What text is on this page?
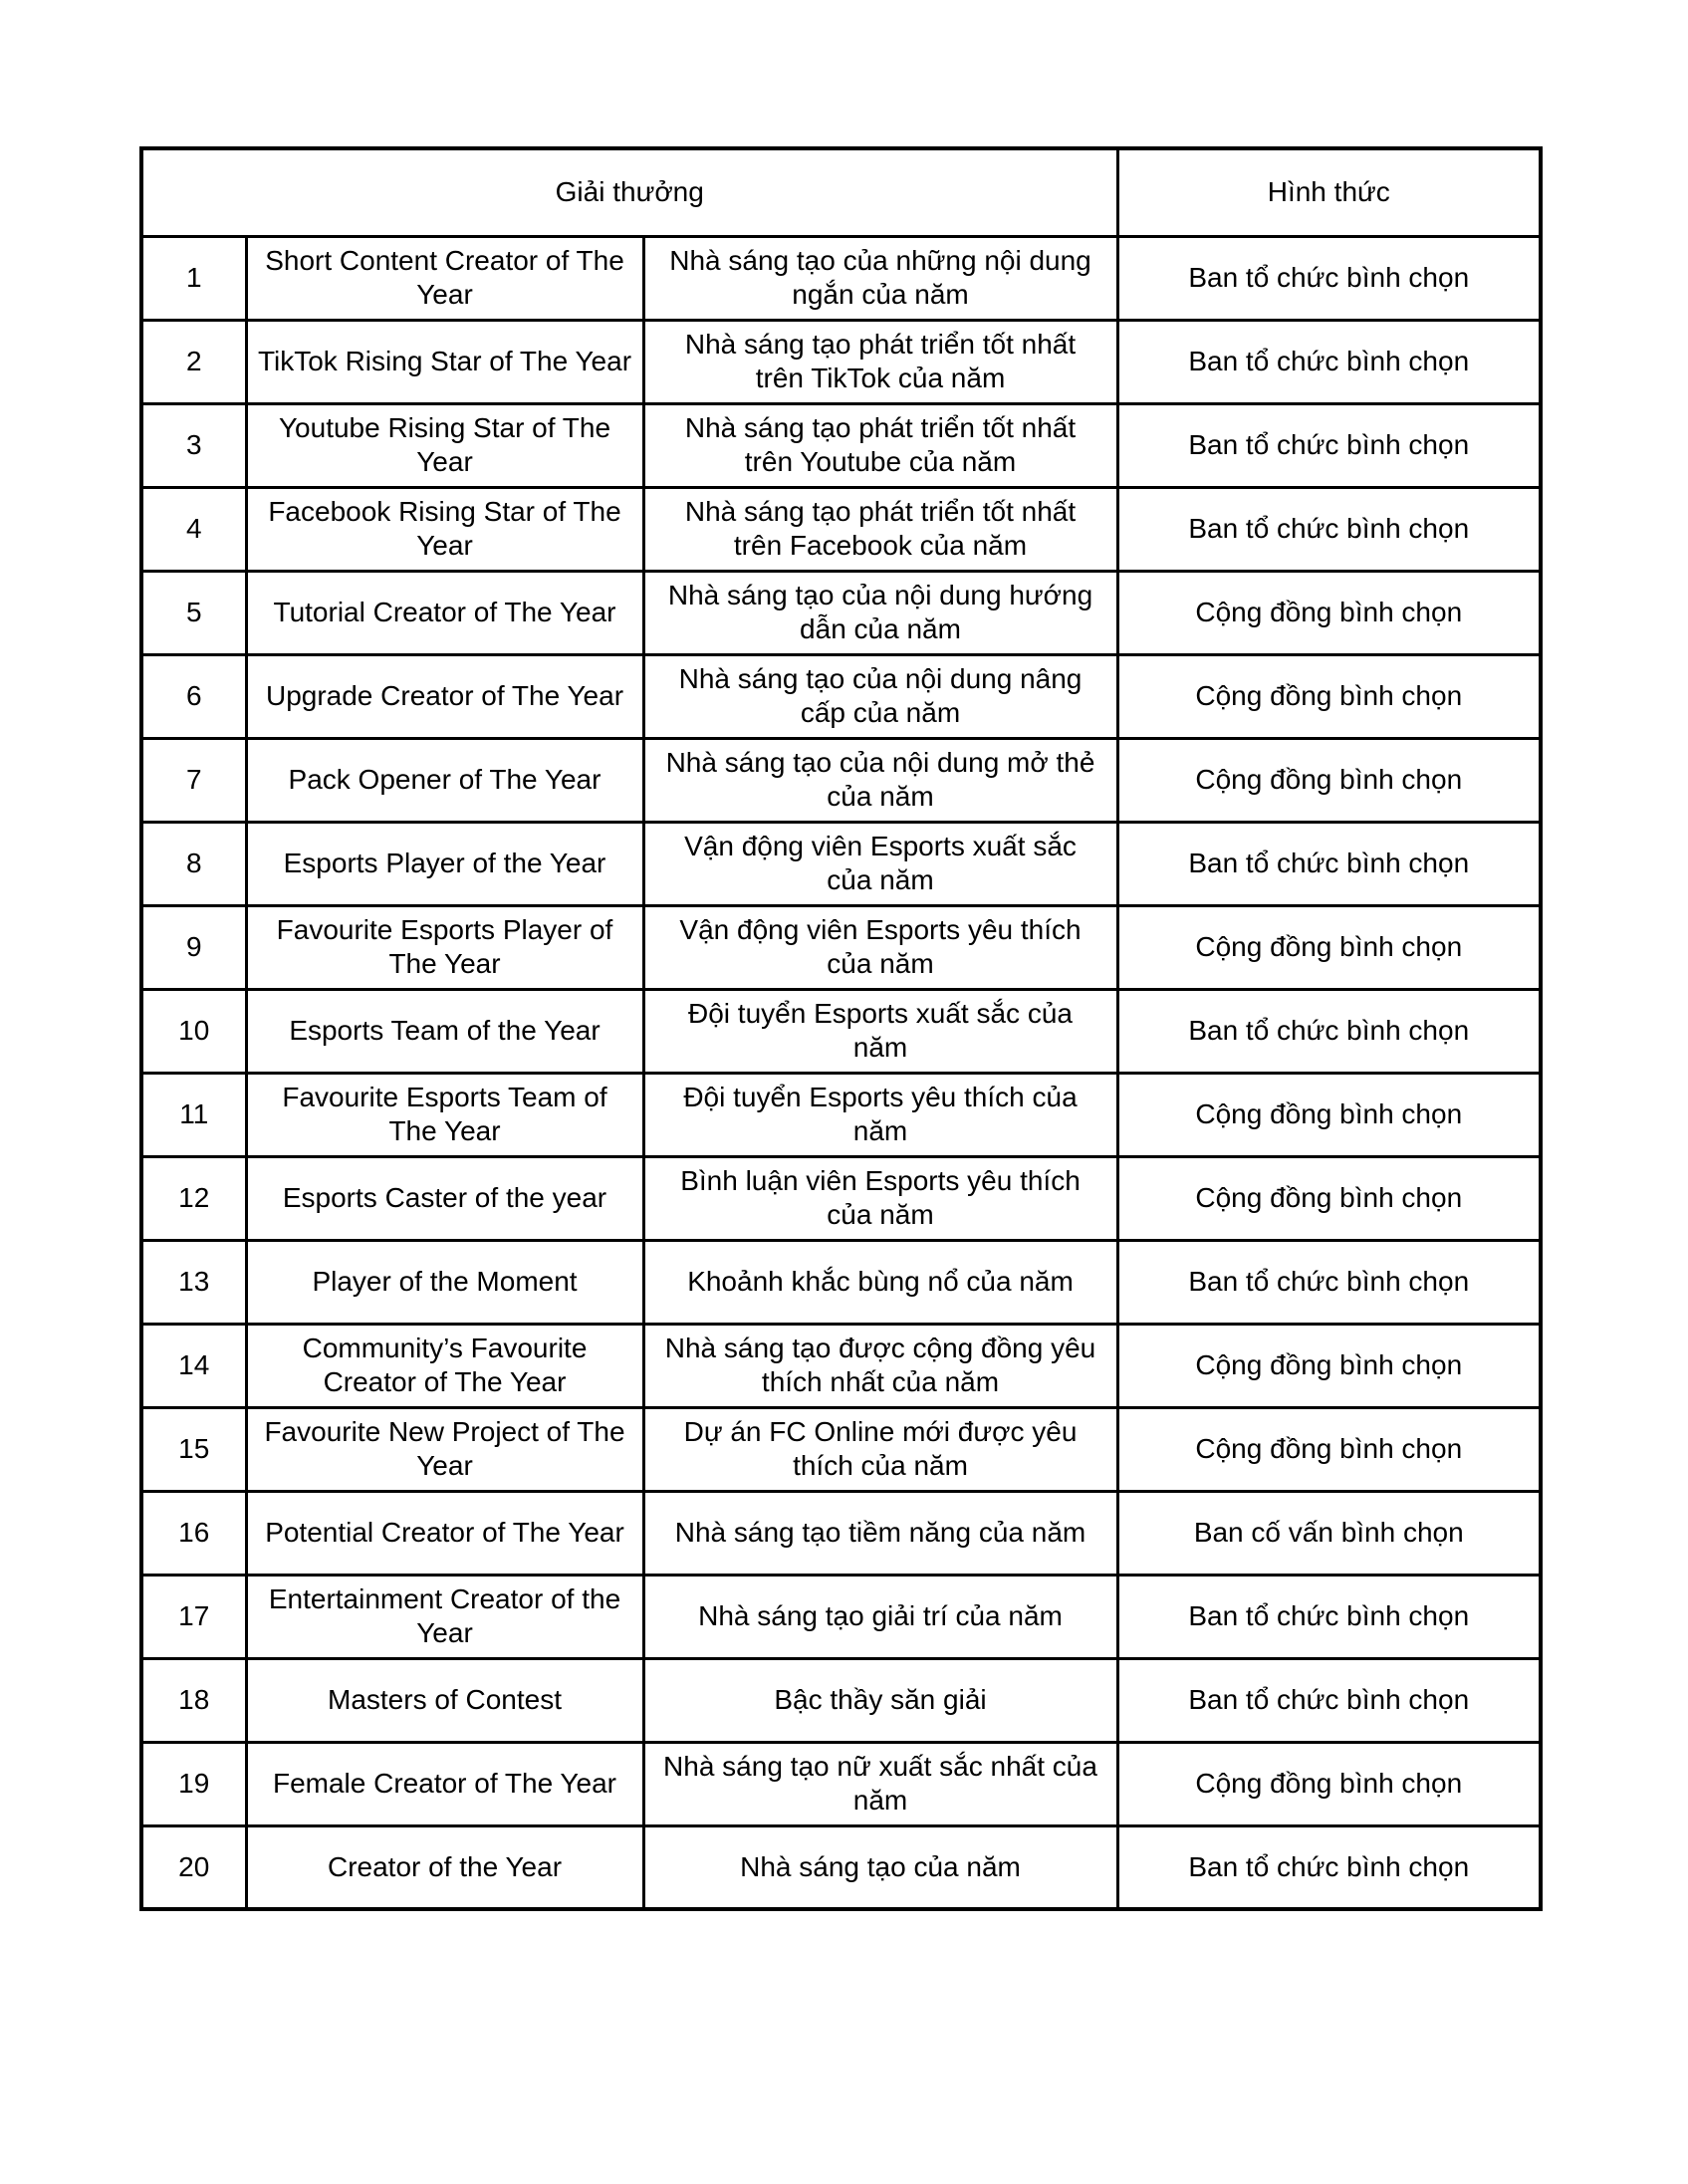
Giải thưởng			Hình thức
1	Short Content Creator of The Year	Nhà sáng tạo của những nội dung ngắn của năm	Ban tổ chức bình chọn
2	TikTok Rising Star of The Year	Nhà sáng tạo phát triển tốt nhất trên TikTok của năm	Ban tổ chức bình chọn
3	Youtube Rising Star of The Year	Nhà sáng tạo phát triển tốt nhất trên Youtube của năm	Ban tổ chức bình chọn
4	Facebook Rising Star of The Year	Nhà sáng tạo phát triển tốt nhất trên Facebook của năm	Ban tổ chức bình chọn
5	Tutorial Creator of The Year	Nhà sáng tạo của nội dung hướng dẫn của năm	Cộng đồng bình chọn
6	Upgrade Creator of The Year	Nhà sáng tạo của nội dung nâng cấp của năm	Cộng đồng bình chọn
7	Pack Opener of The Year	Nhà sáng tạo của nội dung mở thẻ của năm	Cộng đồng bình chọn
8	Esports Player of the Year	Vận động viên Esports xuất sắc của năm	Ban tổ chức bình chọn
9	Favourite Esports Player of The Year	Vận động viên Esports yêu thích của năm	Cộng đồng bình chọn
10	Esports Team of the Year	Đội tuyển Esports xuất sắc của năm	Ban tổ chức bình chọn
11	Favourite Esports Team of The Year	Đội tuyển Esports yêu thích của năm	Cộng đồng bình chọn
12	Esports Caster of the year	Bình luận viên Esports yêu thích của năm	Cộng đồng bình chọn
13	Player of the Moment	Khoảnh khắc bùng nổ của năm	Ban tổ chức bình chọn
14	Community’s Favourite Creator of The Year	Nhà sáng tạo được cộng đồng yêu thích nhất của năm	Cộng đồng bình chọn
15	Favourite New Project of The Year	Dự án FC Online mới được yêu thích của năm	Cộng đồng bình chọn
16	Potential Creator of The Year	Nhà sáng tạo tiềm năng của năm	Ban cố vấn bình chọn
17	Entertainment Creator of the Year	Nhà sáng tạo giải trí của năm	Ban tổ chức bình chọn
18	Masters of Contest	Bậc thầy săn giải	Ban tổ chức bình chọn
19	Female Creator of The Year	Nhà sáng tạo nữ xuất sắc nhất của năm	Cộng đồng bình chọn
20	Creator of the Year	Nhà sáng tạo của năm	Ban tổ chức bình chọn
